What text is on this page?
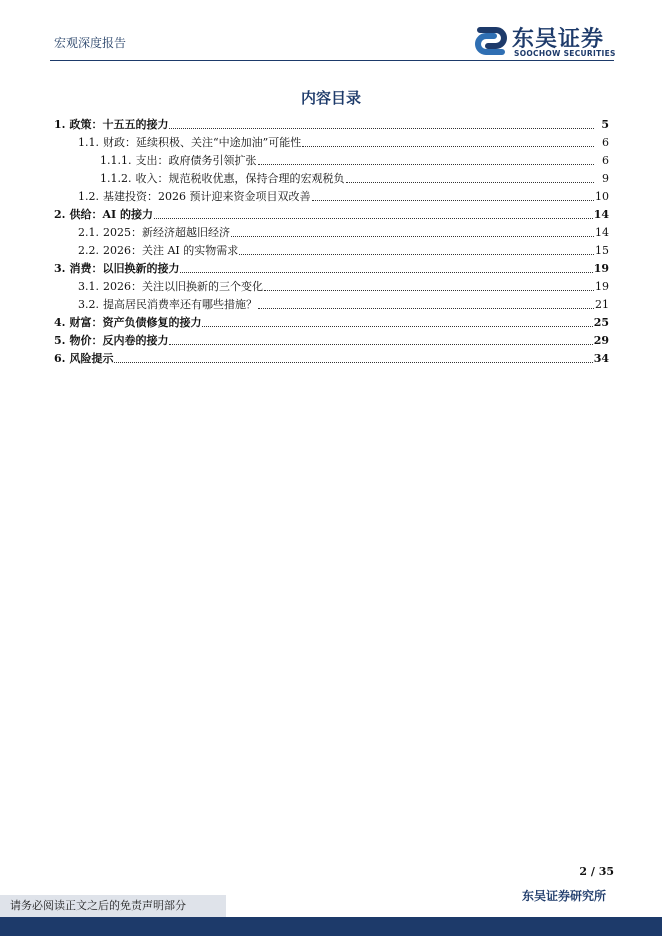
宏观深度报告	东吴证券
SOOCHOW SECURITIES
内容目录
1. 政策：十五五的接力	5
1.1. 财政：延续积极、关注“中途加油”可能性	6
1.1.1. 支出：政府债务引领扩张	6
1.1.2. 收入：规范税收优惠，保持合理的宏观税负	9
1.2. 基建投资：2026 预计迎来资金项目双改善	10
2. 供给：AI 的接力	14
2.1. 2025：新经济超越旧经济	14
2.2. 2026：关注 AI 的实物需求	15
3. 消费：以旧换新的接力	19
3.1. 2026：关注以旧换新的三个变化	19
3.2. 提高居民消费率还有哪些措施？	21
4. 财富：资产负债修复的接力	25
5. 物价：反内卷的接力	29
6. 风险提示	34
2 / 35
东吴证券研究所
请务必阅读正文之后的免责声明部分
